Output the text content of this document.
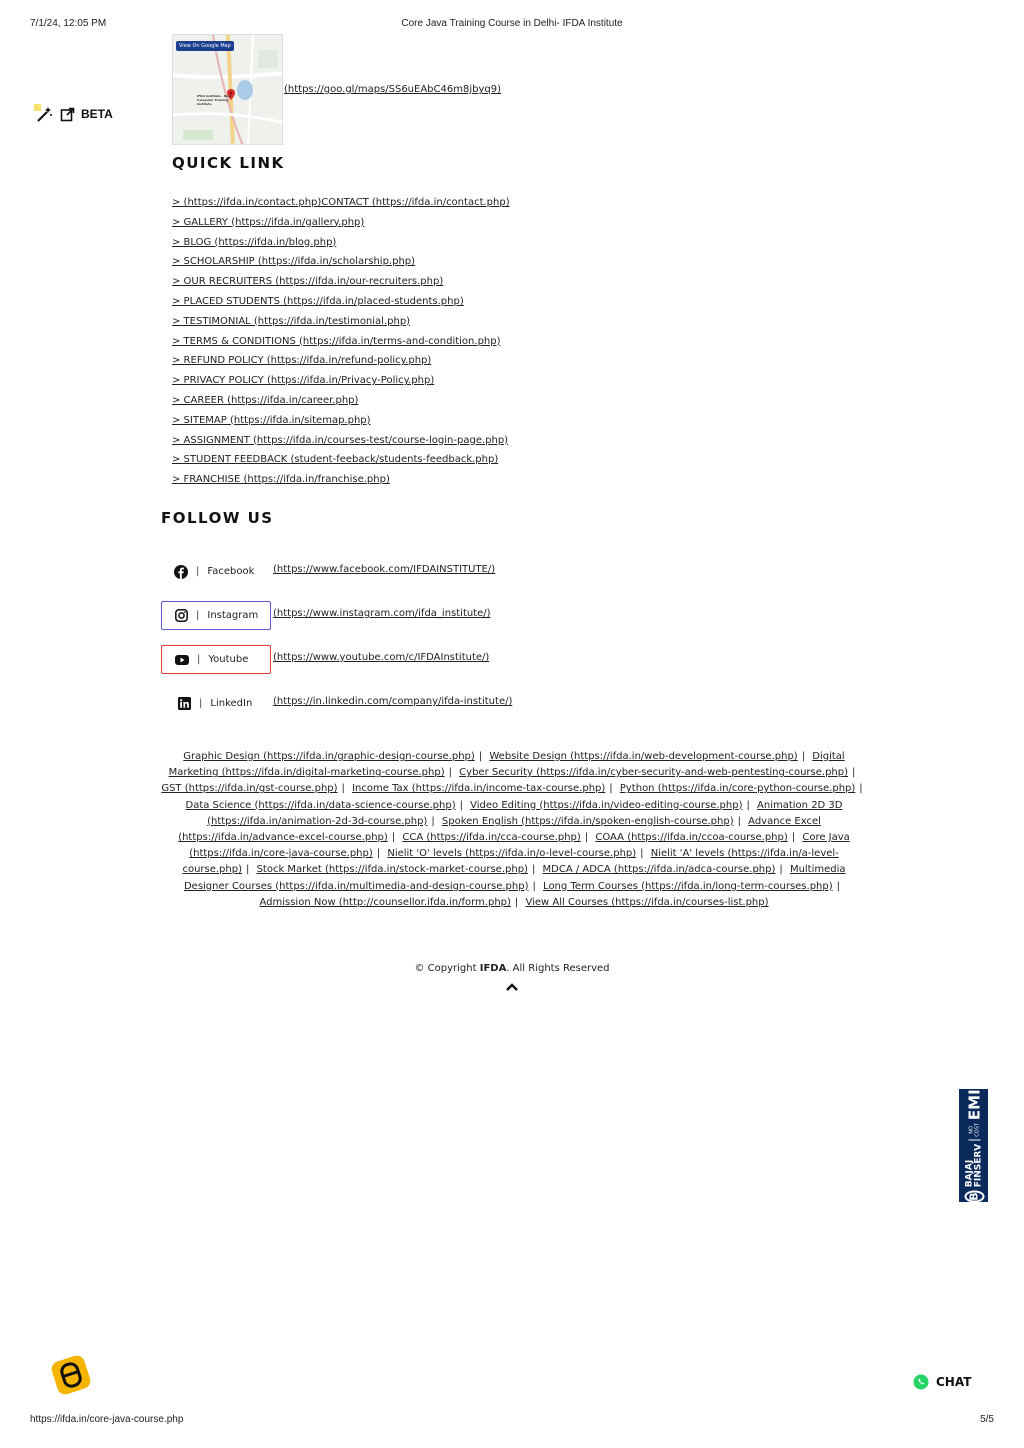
7/1/24, 12:05 PM	Core Java Training Course in Delhi- IFDA Institute
BETA
View On Google Map
IFDA Institute - Best Computer Training Institute
(https://goo.gl/maps/SS6uEAbC46m8jbyq9)
QUICK LINK
> (https://ifda.in/contact.php)CONTACT (https://ifda.in/contact.php)
> GALLERY (https://ifda.in/gallery.php)
> BLOG (https://ifda.in/blog.php)
> SCHOLARSHIP (https://ifda.in/scholarship.php)
> OUR RECRUITERS (https://ifda.in/our-recruiters.php)
> PLACED STUDENTS (https://ifda.in/placed-students.php)
> TESTIMONIAL (https://ifda.in/testimonial.php)
> TERMS & CONDITIONS (https://ifda.in/terms-and-condition.php)
> REFUND POLICY (https://ifda.in/refund-policy.php)
> PRIVACY POLICY (https://ifda.in/Privacy-Policy.php)
> CAREER (https://ifda.in/career.php)
> SITEMAP (https://ifda.in/sitemap.php)
> ASSIGNMENT (https://ifda.in/courses-test/course-login-page.php)
> STUDENT FEEDBACK (student-feeback/students-feedback.php)
> FRANCHISE (https://ifda.in/franchise.php)
FOLLOW US
| Facebook (https://www.facebook.com/IFDAINSTITUTE/)
| Instagram (https://www.instagram.com/ifda_institute/)
| Youtube (https://www.youtube.com/c/IFDAInstitute/)
| LinkedIn (https://in.linkedin.com/company/ifda-institute/)
Graphic Design (https://ifda.in/graphic-design-course.php) | Website Design (https://ifda.in/web-development-course.php) | Digital Marketing (https://ifda.in/digital-marketing-course.php) | Cyber Security (https://ifda.in/cyber-security-and-web-pentesting-course.php) | GST (https://ifda.in/gst-course.php) | Income Tax (https://ifda.in/income-tax-course.php) | Python (https://ifda.in/core-python-course.php) | Data Science (https://ifda.in/data-science-course.php) | Video Editing (https://ifda.in/video-editing-course.php) | Animation 2D 3D (https://ifda.in/animation-2d-3d-course.php) | Spoken English (https://ifda.in/spoken-english-course.php) | Advance Excel (https://ifda.in/advance-excel-course.php) | CCA (https://ifda.in/cca-course.php) | COAA (https://ifda.in/ccoa-course.php) | Core Java (https://ifda.in/core-java-course.php) | Nielit 'O' levels (https://ifda.in/o-level-course.php) | Nielit 'A' levels (https://ifda.in/a-level-course.php) | Stock Market (https://ifda.in/stock-market-course.php) | MDCA / ADCA (https://ifda.in/adca-course.php) | Multimedia Designer Courses (https://ifda.in/multimedia-and-design-course.php) | Long Term Courses (https://ifda.in/long-term-courses.php) | Admission Now (http://counsellor.ifda.in/form.php) | View All Courses (https://ifda.in/courses-list.php)
© Copyright IFDA. All Rights Reserved
B
BAJAJ FINSERV
NO COST
EMI
CHAT
https://ifda.in/core-java-course.php	5/5
